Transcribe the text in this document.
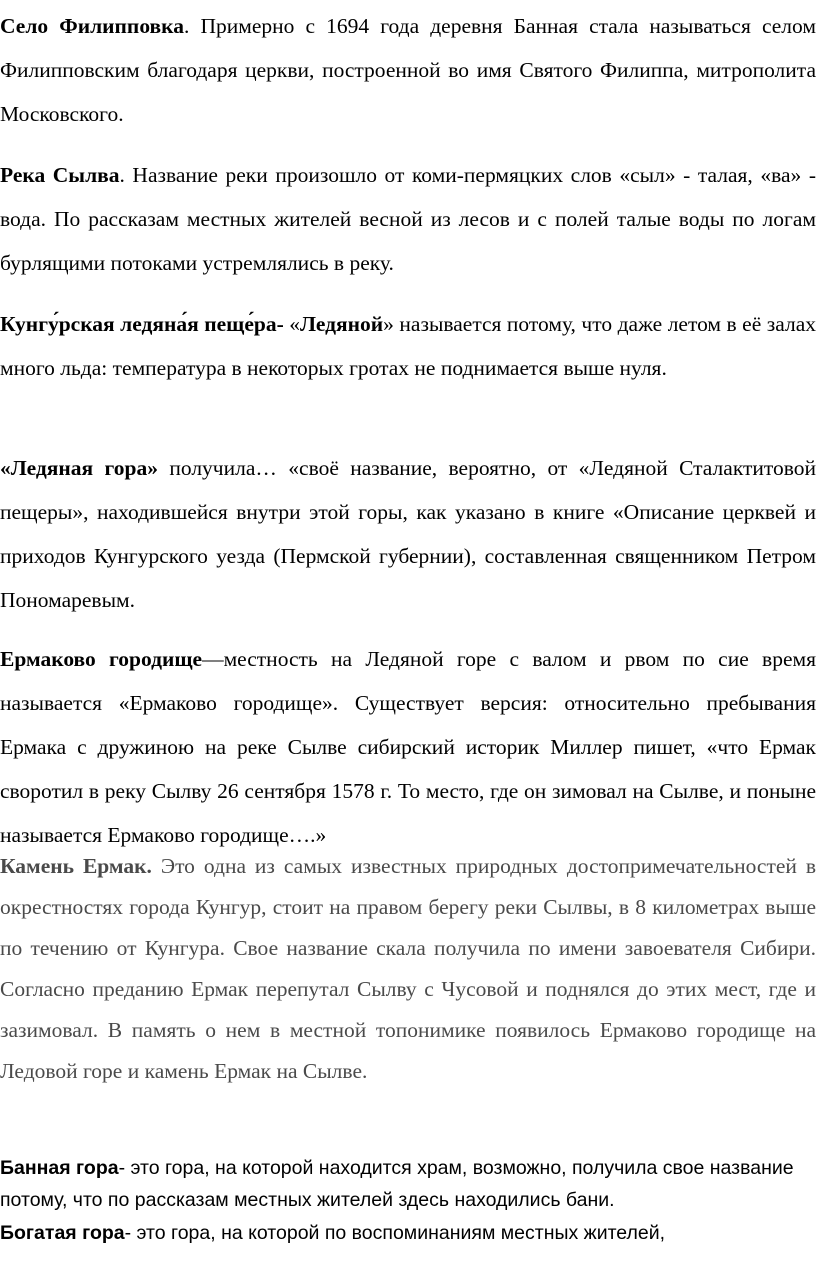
Село Филипповка. Примерно с 1694 года деревня Банная стала называться селом Филипповским благодаря церкви, построенной во имя Святого Филиппа, митрополита Московского.

Река Сылва. Название реки произошло от коми-пермяцких слов «сыл» - талая, «ва» - вода. По рассказам местных жителей весной из лесов и с полей талые воды по логам бурлящими потоками устремлялись в реку.

Кунгу́рская ледяна́я пеще́ра- «Ледяной» называется потому, что даже летом в её залах много льда: температура в некоторых гротах не поднимается выше нуля.

«Ледяная гора» получила… «своё название, вероятно, от «Ледяной Сталактитовой пещеры», находившейся внутри этой горы, как указано в книге «Описание церквей и приходов Кунгурского уезда (Пермской губернии), составленная священником Петром Пономаревым.

Ермаково городище—местность на Ледяной горе с валом и рвом по сие время называется «Ермаково городище». Существует версия: относительно пребывания Ермака с дружиною на реке Сылве сибирский историк Миллер пишет, «что Ермак своротил в реку Сылву 26 сентября 1578 г. То место, где он зимовал на Сылве, и поныне называется Ермаково городище….»

Камень Ермак. Это одна из самых известных природных достопримечательностей в окрестностях города Кунгур, стоит на правом берегу реки Сылвы, в 8 километрах выше по течению от Кунгура. Свое название скала получила по имени завоевателя Сибири. Согласно преданию Ермак перепутал Сылву с Чусовой и поднялся до этих мест, где и зазимовал. В память о нем в местной топонимике появилось Ермаково городище на Ледовой горе и камень Ермак на Сылве.

Банная гора- это гора, на которой находится храм, возможно, получила свое название потому, что по рассказам местных жителей здесь находились бани.

Богатая гора- это гора, на которой по воспоминаниям местных жителей,
